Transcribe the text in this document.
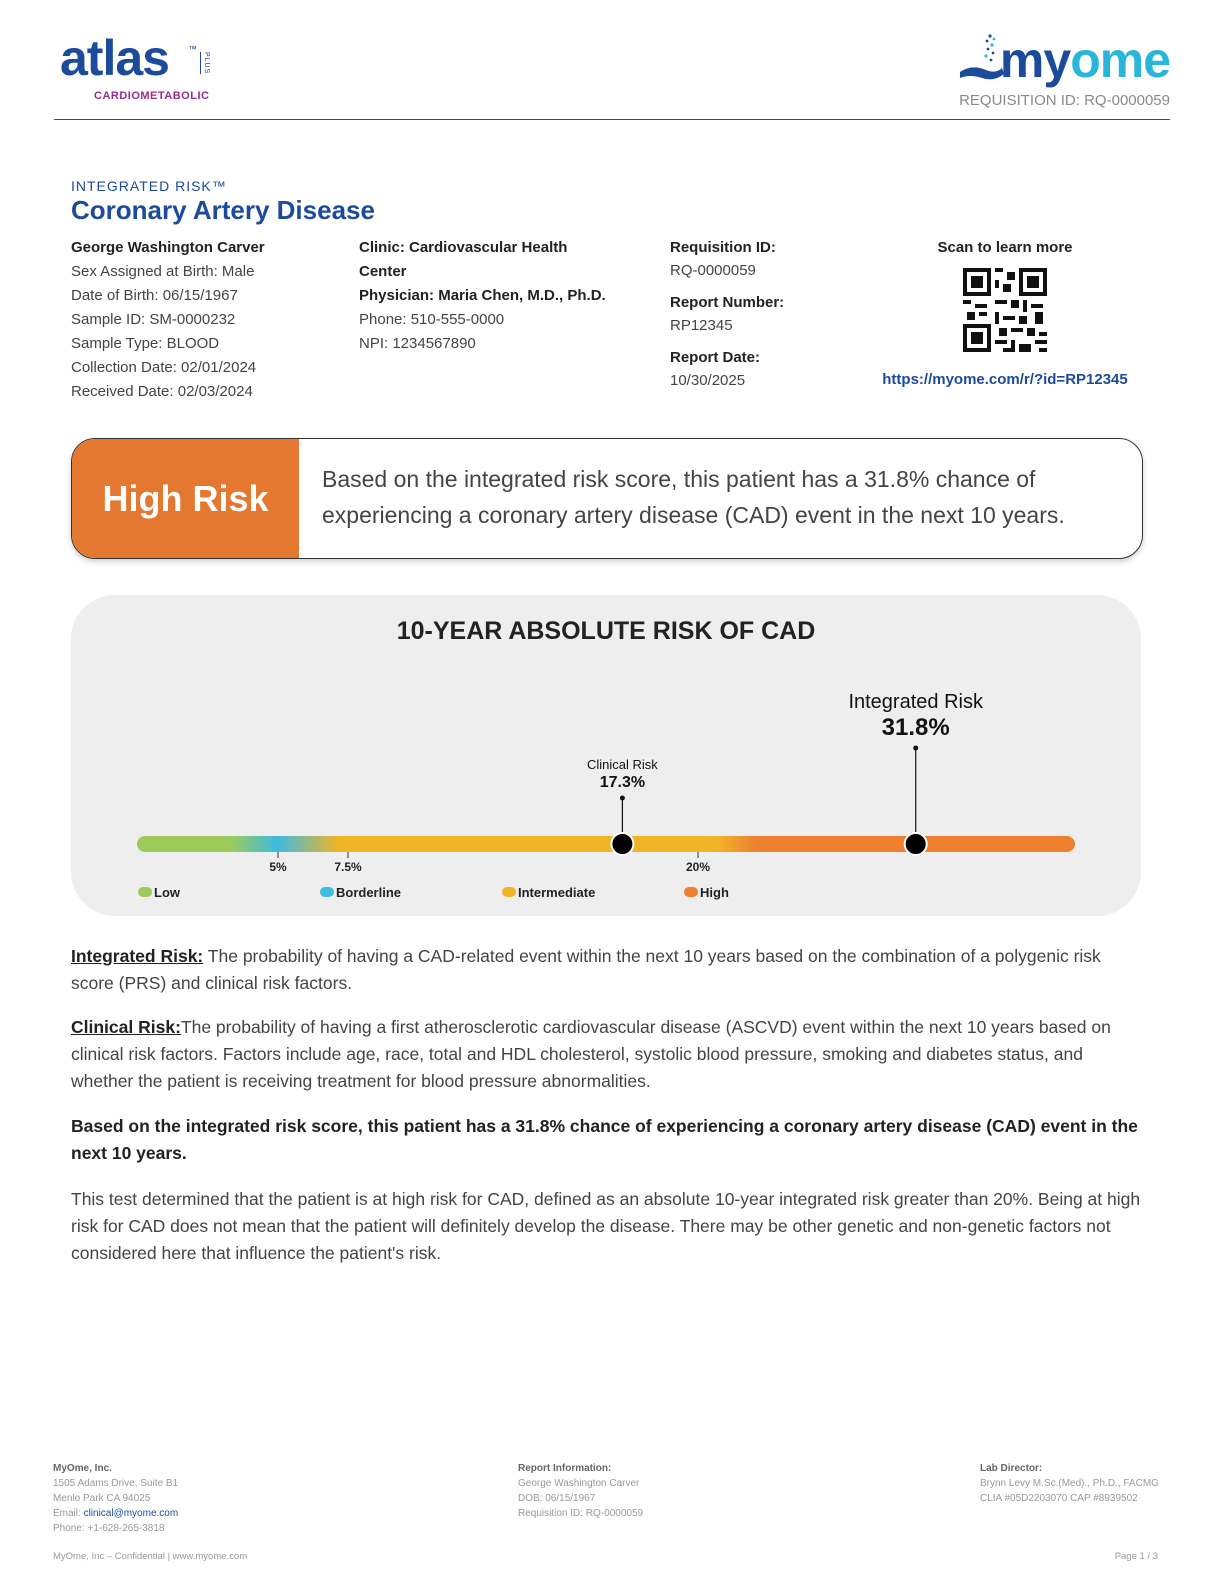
atlas ™
PLUS
CARDIOMETABOLIC
myome
REQUISITION ID: RQ-0000059
INTEGRATED RISK™
Coronary Artery Disease
George Washington Carver
Sex Assigned at Birth: Male
Date of Birth: 06/15/1967
Sample ID: SM-0000232
Sample Type: BLOOD
Collection Date: 02/01/2024
Received Date: 02/03/2024
Clinic: Cardiovascular Health Center
Physician: Maria Chen, M.D., Ph.D.
Phone: 510-555-0000
NPI: 1234567890
Requisition ID:
RQ-0000059
Report Number:
RP12345
Report Date:
10/30/2025
Scan to learn more
https://myome.com/r/?id=RP12345
High Risk Based on the integrated risk score, this patient has a 31.8% chance of experiencing a coronary artery disease (CAD) event in the next 10 years.
10-YEAR ABSOLUTE RISK OF CAD
5%	7.5%	20%
Clinical Risk
17.3%
Integrated Risk
31.8%
Low	Borderline	Intermediate	High
Integrated Risk: The probability of having a CAD-related event within the next 10 years based on the combination of a polygenic risk score (PRS) and clinical risk factors.
Clinical Risk:The probability of having a first atherosclerotic cardiovascular disease (ASCVD) event within the next 10 years based on clinical risk factors. Factors include age, race, total and HDL cholesterol, systolic blood pressure, smoking and diabetes status, and whether the patient is receiving treatment for blood pressure abnormalities.
Based on the integrated risk score, this patient has a 31.8% chance of experiencing a coronary artery disease (CAD) event in the next 10 years.
This test determined that the patient is at high risk for CAD, defined as an absolute 10-year integrated risk greater than 20%. Being at high risk for CAD does not mean that the patient will definitely develop the disease. There may be other genetic and non-genetic factors not considered here that influence the patient's risk.
MyOme, Inc.
1505 Adams Drive, Suite B1
Menlo Park CA 94025
Email: clinical@myome.com
Phone: +1-628-265-3818
Report Information:
George Washington Carver
DOB: 06/15/1967
Requisition ID: RQ-0000059
Lab Director:
Brynn Levy M.Sc.(Med)., Ph.D., FACMG
CLIA #05D2203070 CAP #8939502
MyOme, Inc – Confidential | www.myome.com	Page 1 / 3
